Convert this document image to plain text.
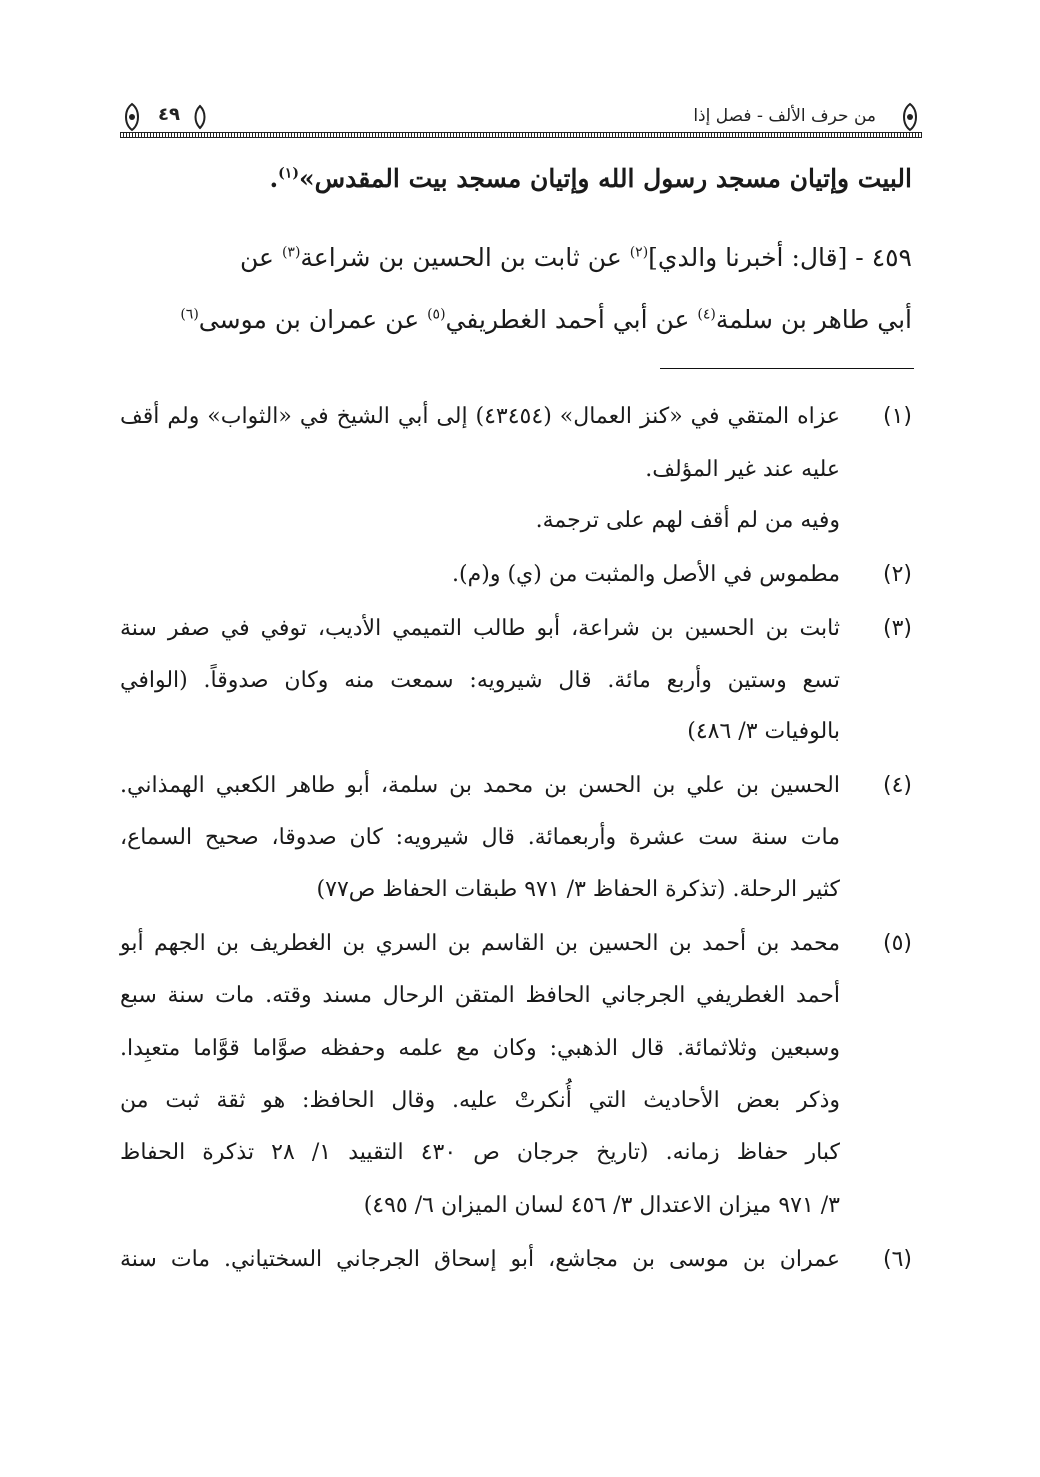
٤٩	من حرف الألف - فصل إذا
البيت وإتيان مسجد رسول الله وإتيان مسجد بيت المقدس»$^{(١)}$.
٤٥٩ - [قال: أخبرنا والدي]$^{(٢)}$ عن ثابت بن الحسين بن شراعة$^{(٣)}$ عن
أبي طاهر بن سلمة$^{(٤)}$ عن أبي أحمد الغطريفي$^{(٥)}$ عن عمران بن موسى$^{(٦)}$
(١)
عزاه المتقي في «كنز العمال» (٤٣٤٥٤) إلى أبي الشيخ في «الثواب» ولم أقف
عليه عند غير المؤلف.
وفيه من لم أقف لهم على ترجمة.
(٢)
مطموس في الأصل والمثبت من (ي) و(م).
(٣)
ثابت بن الحسين بن شراعة، أبو طالب التميمي الأديب، توفي في صفر سنة
تسع وستين وأربع مائة. قال شيرويه: سمعت منه وكان صدوقاً. (الوافي
بالوفيات ٣/ ٤٨٦)
(٤)
الحسين بن علي بن الحسن بن محمد بن سلمة، أبو طاهر الكعبي الهمذاني.
مات سنة ست عشرة وأربعمائة. قال شيرويه: كان صدوقا، صحيح السماع،
كثير الرحلة. (تذكرة الحفاظ ٣/ ٩٧١ طبقات الحفاظ ص٧٧)
(٥)
محمد بن أحمد بن الحسين بن القاسم بن السري بن الغطريف بن الجهم أبو
أحمد الغطريفي الجرجاني الحافظ المتقن الرحال مسند وقته. مات سنة سبع
وسبعين وثلاثمائة. قال الذهبي: وكان مع علمه وحفظه صوَّاما قوَّاما متعبِدا.
وذكر بعض الأحاديث التي أُنكرتْ عليه. وقال الحافظ: هو ثقة ثبت من
كبار حفاظ زمانه. (تاريخ جرجان ص ٤٣٠ التقييد ١/ ٢٨ تذكرة الحفاظ
٣/ ٩٧١ ميزان الاعتدال ٣/ ٤٥٦ لسان الميزان ٦/ ٤٩٥)
(٦)
عمران بن موسى بن مجاشع، أبو إسحاق الجرجاني السختياني. مات سنة
